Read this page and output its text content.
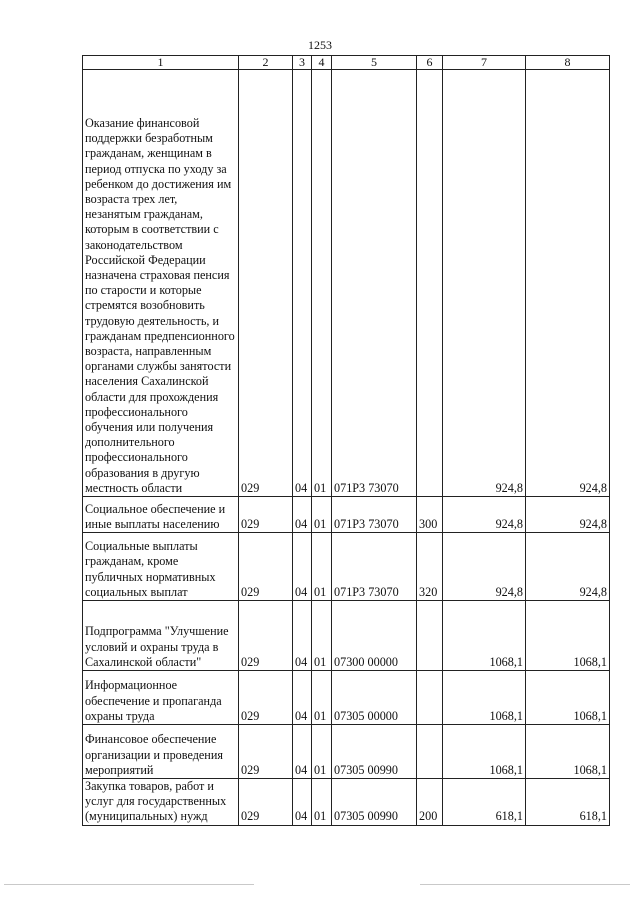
1253
1	2	3	4	5	6	7	8
Оказание финансовой поддержки безработным гражданам, женщинам в период отпуска по уходу за ребенком до достижения им возраста трех лет, незанятым гражданам, которым в соответствии с законодательством Российской Федерации назначена страховая пенсия по старости и которые стремятся возобновить трудовую деятельность, и гражданам предпенсионного возраста, направленным органами службы занятости населения Сахалинской области для прохождения профессионального обучения или получения дополнительного профессионального образования в другую местность области	029	04	01	071Р3 73070		924,8	924,8
Социальное обеспечение и иные выплаты населению	029	04	01	071Р3 73070	300	924,8	924,8
Социальные выплаты гражданам, кроме публичных нормативных социальных выплат	029	04	01	071Р3 73070	320	924,8	924,8
Подпрограмма "Улучшение условий и охраны труда в Сахалинской области"	029	04	01	07300 00000		1068,1	1068,1
Информационное обеспечение и пропаганда охраны труда	029	04	01	07305 00000		1068,1	1068,1
Финансовое обеспечение организации и проведения мероприятий	029	04	01	07305 00990		1068,1	1068,1
Закупка товаров, работ и услуг для государственных (муниципальных) нужд	029	04	01	07305 00990	200	618,1	618,1
